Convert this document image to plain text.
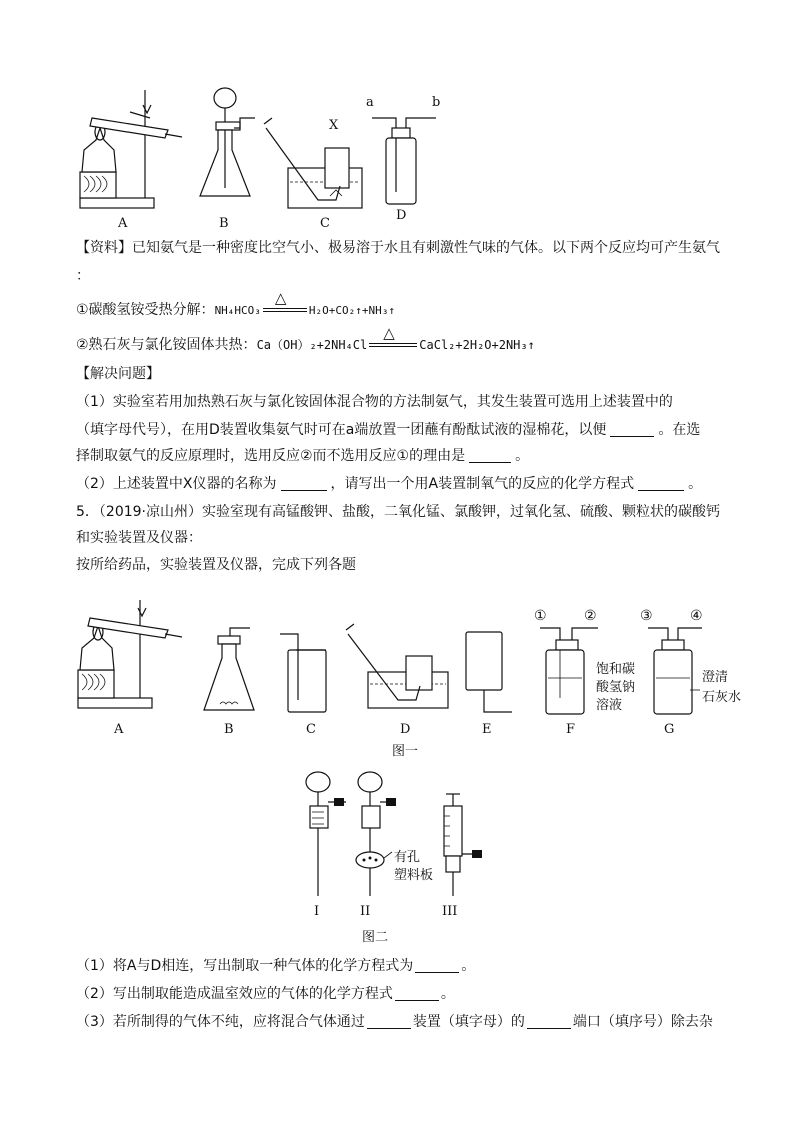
X
a	b
A	B	C
D
【资料】已知氨气是一种密度比空气小、极易溶于水且有刺激性气味的气体。以下两个反应均可产生氨气
：
①碳酸氢铵受热分解：NH₄HCO₃
△
H₂O+CO₂↑+NH₃↑
②熟石灰与氯化铵固体共热：Ca（OH）₂+2NH₄Cl
△
CaCl₂+2H₂O+2NH₃↑
【解决问题】
（1）实验室若用加热熟石灰与氯化铵固体混合物的方法制氨气，其发生装置可选用上述装置中的
（填字母代号），在用D装置收集氨气时可在a端放置一团蘸有酚酞试液的湿棉花，以便	。在选
择制取氨气的反应原理时，选用反应②而不选用反应①的理由是	。
（2）上述装置中X仪器的名称为	，请写出一个用A装置制氧气的反应的化学方程式	。
5．（2019·凉山州）实验室现有高锰酸钾、盐酸，二氧化锰、氯酸钾，过氧化氢、硫酸、颗粒状的碳酸钙
和实验装置及仪器：
按所给药品，实验装置及仪器，完成下列各题
①	②	③	④
饱和碳
酸氢钠
溶液
澄清
石灰水
A	B	C	D	E	F	G
图一
有孔
塑料板
I	II	III
图二
（1）将A与D相连，写出制取一种气体的化学方程式为	。
（2）写出制取能造成温室效应的气体的化学方程式	。
（3）若所制得的气体不纯，应将混合气体通过	装置（填字母）的	端口（填序号）除去杂
